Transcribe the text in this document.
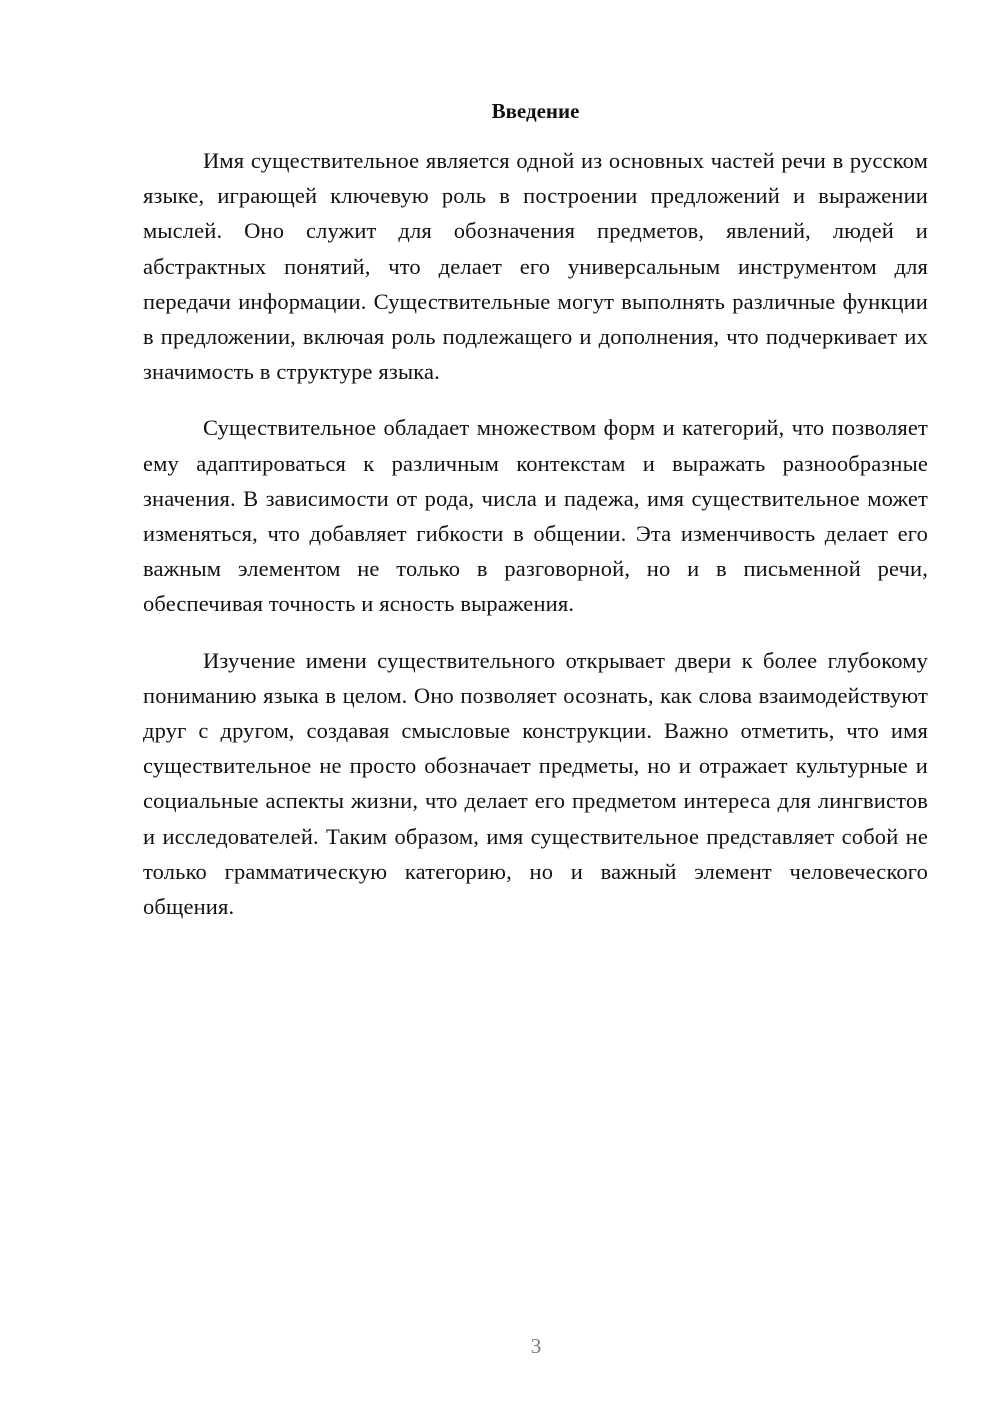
Введение

Имя существительное является одной из основных частей речи в русском языке, играющей ключевую роль в построении предложений и выражении мыслей. Оно служит для обозначения предметов, явлений, людей и абстрактных понятий, что делает его универсальным инструментом для передачи информации. Существительные могут выполнять различные функции в предложении, включая роль подлежащего и дополнения, что подчеркивает их значимость в структуре языка.

Существительное обладает множеством форм и категорий, что позволяет ему адаптироваться к различным контекстам и выражать разнообразные значения. В зависимости от рода, числа и падежа, имя существительное может изменяться, что добавляет гибкости в общении. Эта изменчивость делает его важным элементом не только в разговорной, но и в письменной речи, обеспечивая точность и ясность выражения.

Изучение имени существительного открывает двери к более глубокому пониманию языка в целом. Оно позволяет осознать, как слова взаимодействуют друг с другом, создавая смысловые конструкции. Важно отметить, что имя существительное не просто обозначает предметы, но и отражает культурные и социальные аспекты жизни, что делает его предметом интереса для лингвистов и исследователей. Таким образом, имя существительное представляет собой не только грамматическую категорию, но и важный элемент человеческого общения.

3
